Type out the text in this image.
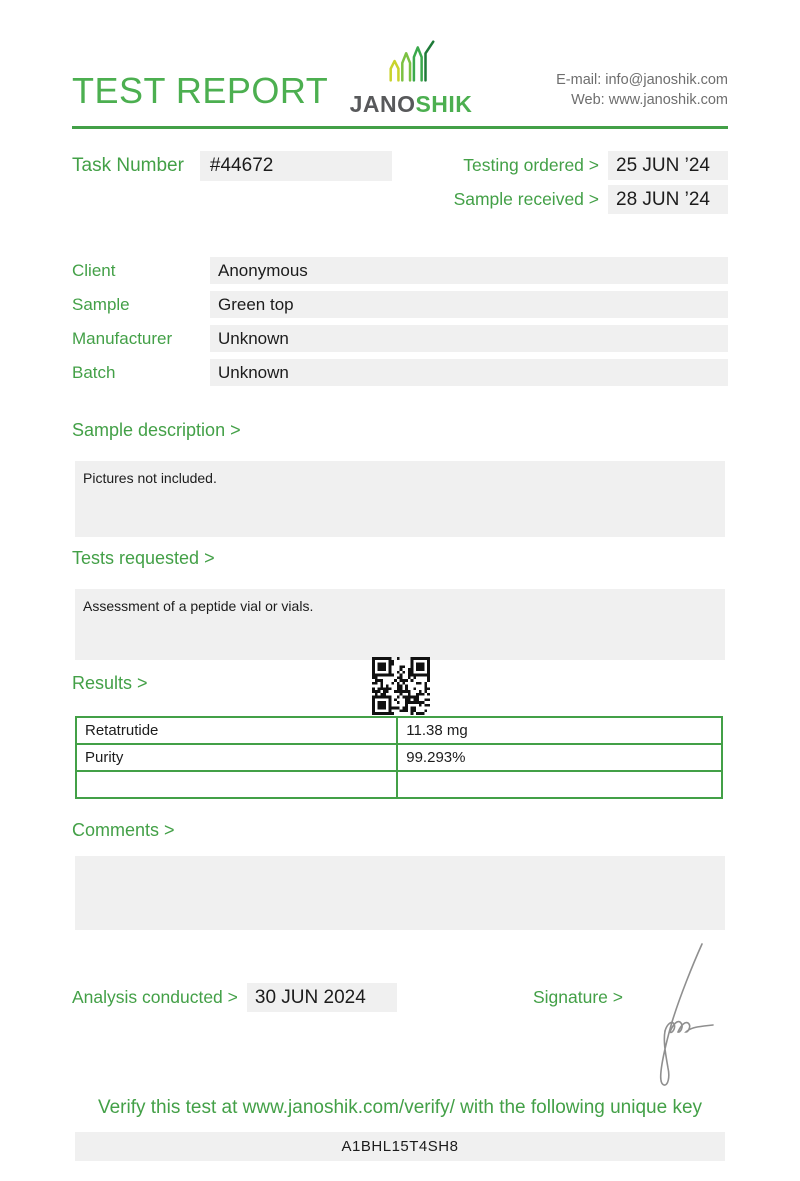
TEST REPORT JANOSHIK
E-mail: info@janoshik.com
Web: www.janoshik.com
Task Number	#44672	Testing ordered > 25 JUN ’24
Sample received > 28 JUN ’24
Client	Anonymous
Sample	Green top
Manufacturer	Unknown
Batch	Unknown
Sample description >
Pictures not included.
Tests requested >
Assessment of a peptide vial or vials.
Results >
Retatrutide	11.38 mg
Purity	99.293%

Comments >
Analysis conducted > 30 JUN 2024	Signature >
Verify this test at www.janoshik.com/verify/ with the following unique key
A1BHL15T4SH8
